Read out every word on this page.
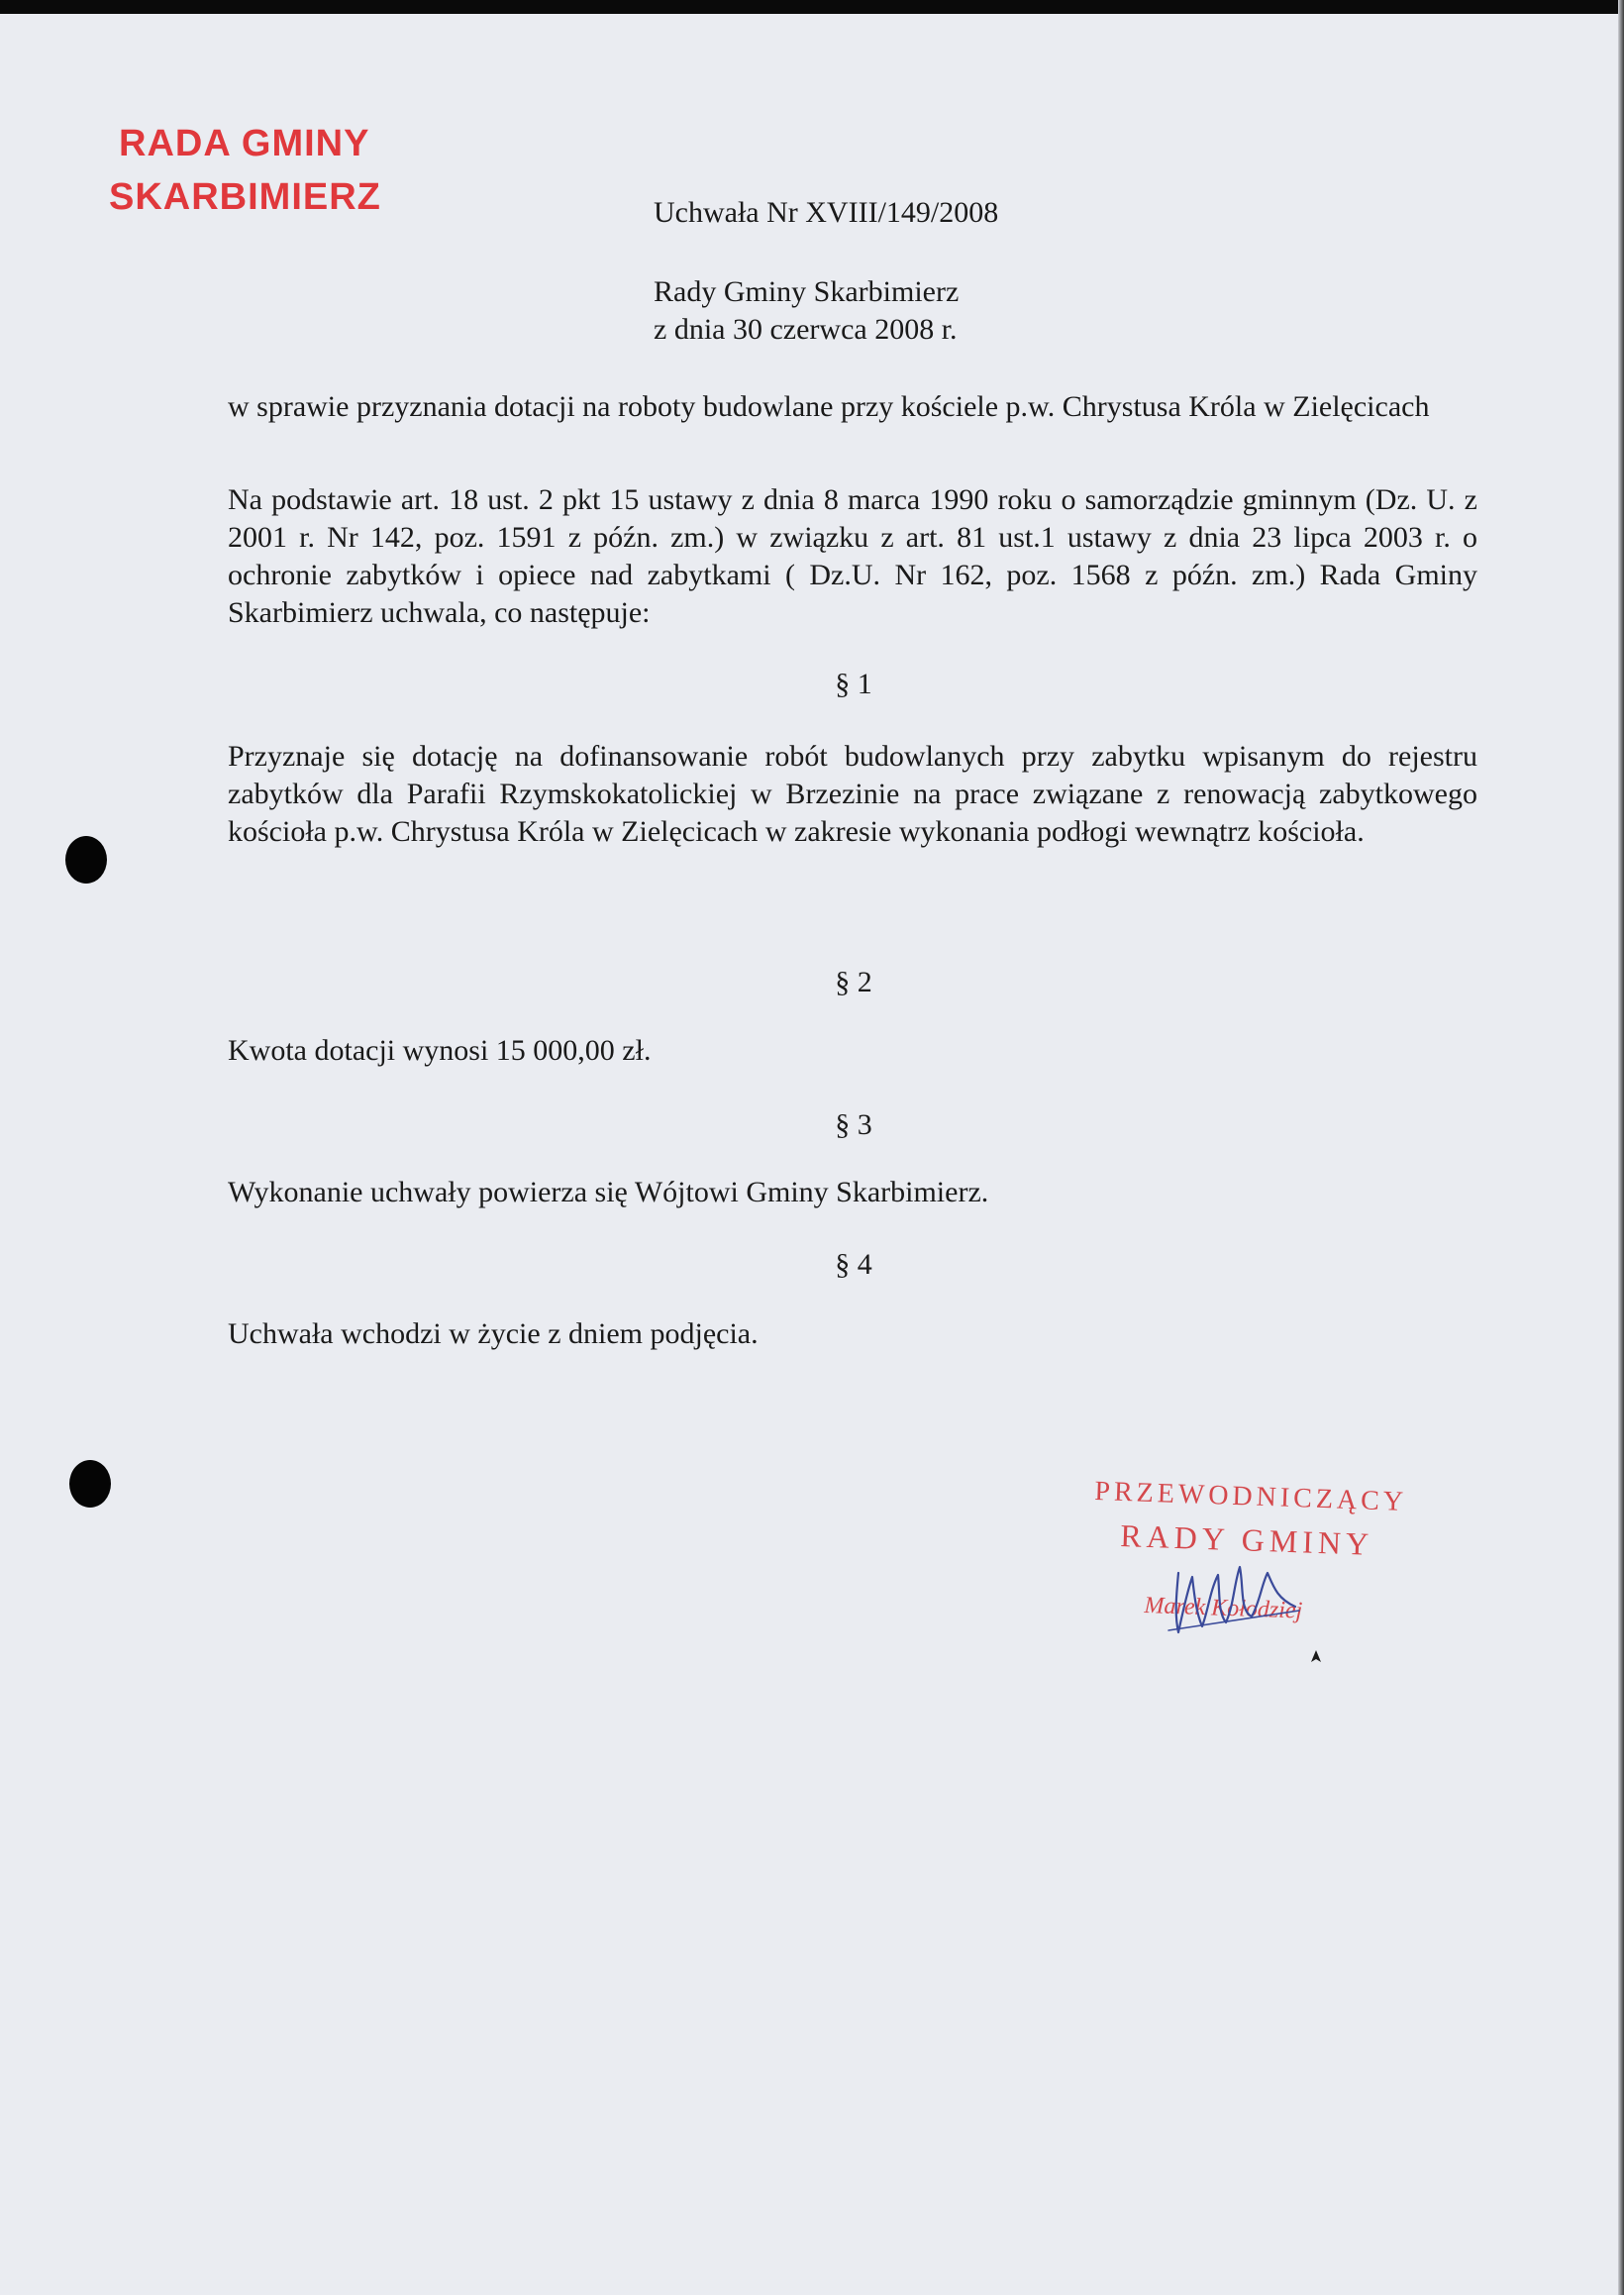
RADA GMINY
SKARBIMIERZ	Uchwała Nr XVIII/149/2008
Rady Gminy Skarbimierz
z dnia 30 czerwca 2008 r.
w sprawie przyznania dotacji na roboty budowlane przy kościele p.w. Chrystusa Króla w Zielęcicach
Na podstawie art. 18 ust. 2 pkt 15 ustawy z dnia 8 marca 1990 roku o samorządzie gminnym (Dz. U. z 2001 r. Nr 142, poz. 1591 z późn. zm.) w związku z art. 81 ust.1 ustawy z dnia 23 lipca 2003 r. o ochronie zabytków i opiece nad zabytkami ( Dz.U. Nr 162, poz. 1568 z późn. zm.) Rada Gminy Skarbimierz uchwala, co następuje:
§ 1
Przyznaje się dotację na dofinansowanie robót budowlanych przy zabytku wpisanym do rejestru zabytków dla Parafii Rzymskokatolickiej w Brzezinie na prace związane z renowacją zabytkowego kościoła p.w. Chrystusa Króla w Zielęcicach w zakresie wykonania podłogi wewnątrz kościoła.
§ 2
Kwota dotacji wynosi 15 000,00 zł.
§ 3
Wykonanie uchwały powierza się Wójtowi Gminy Skarbimierz.
§ 4
Uchwała wchodzi w życie z dniem podjęcia.
PRZEWODNICZĄCY
RADY GMINY
Marek Kołodziej
